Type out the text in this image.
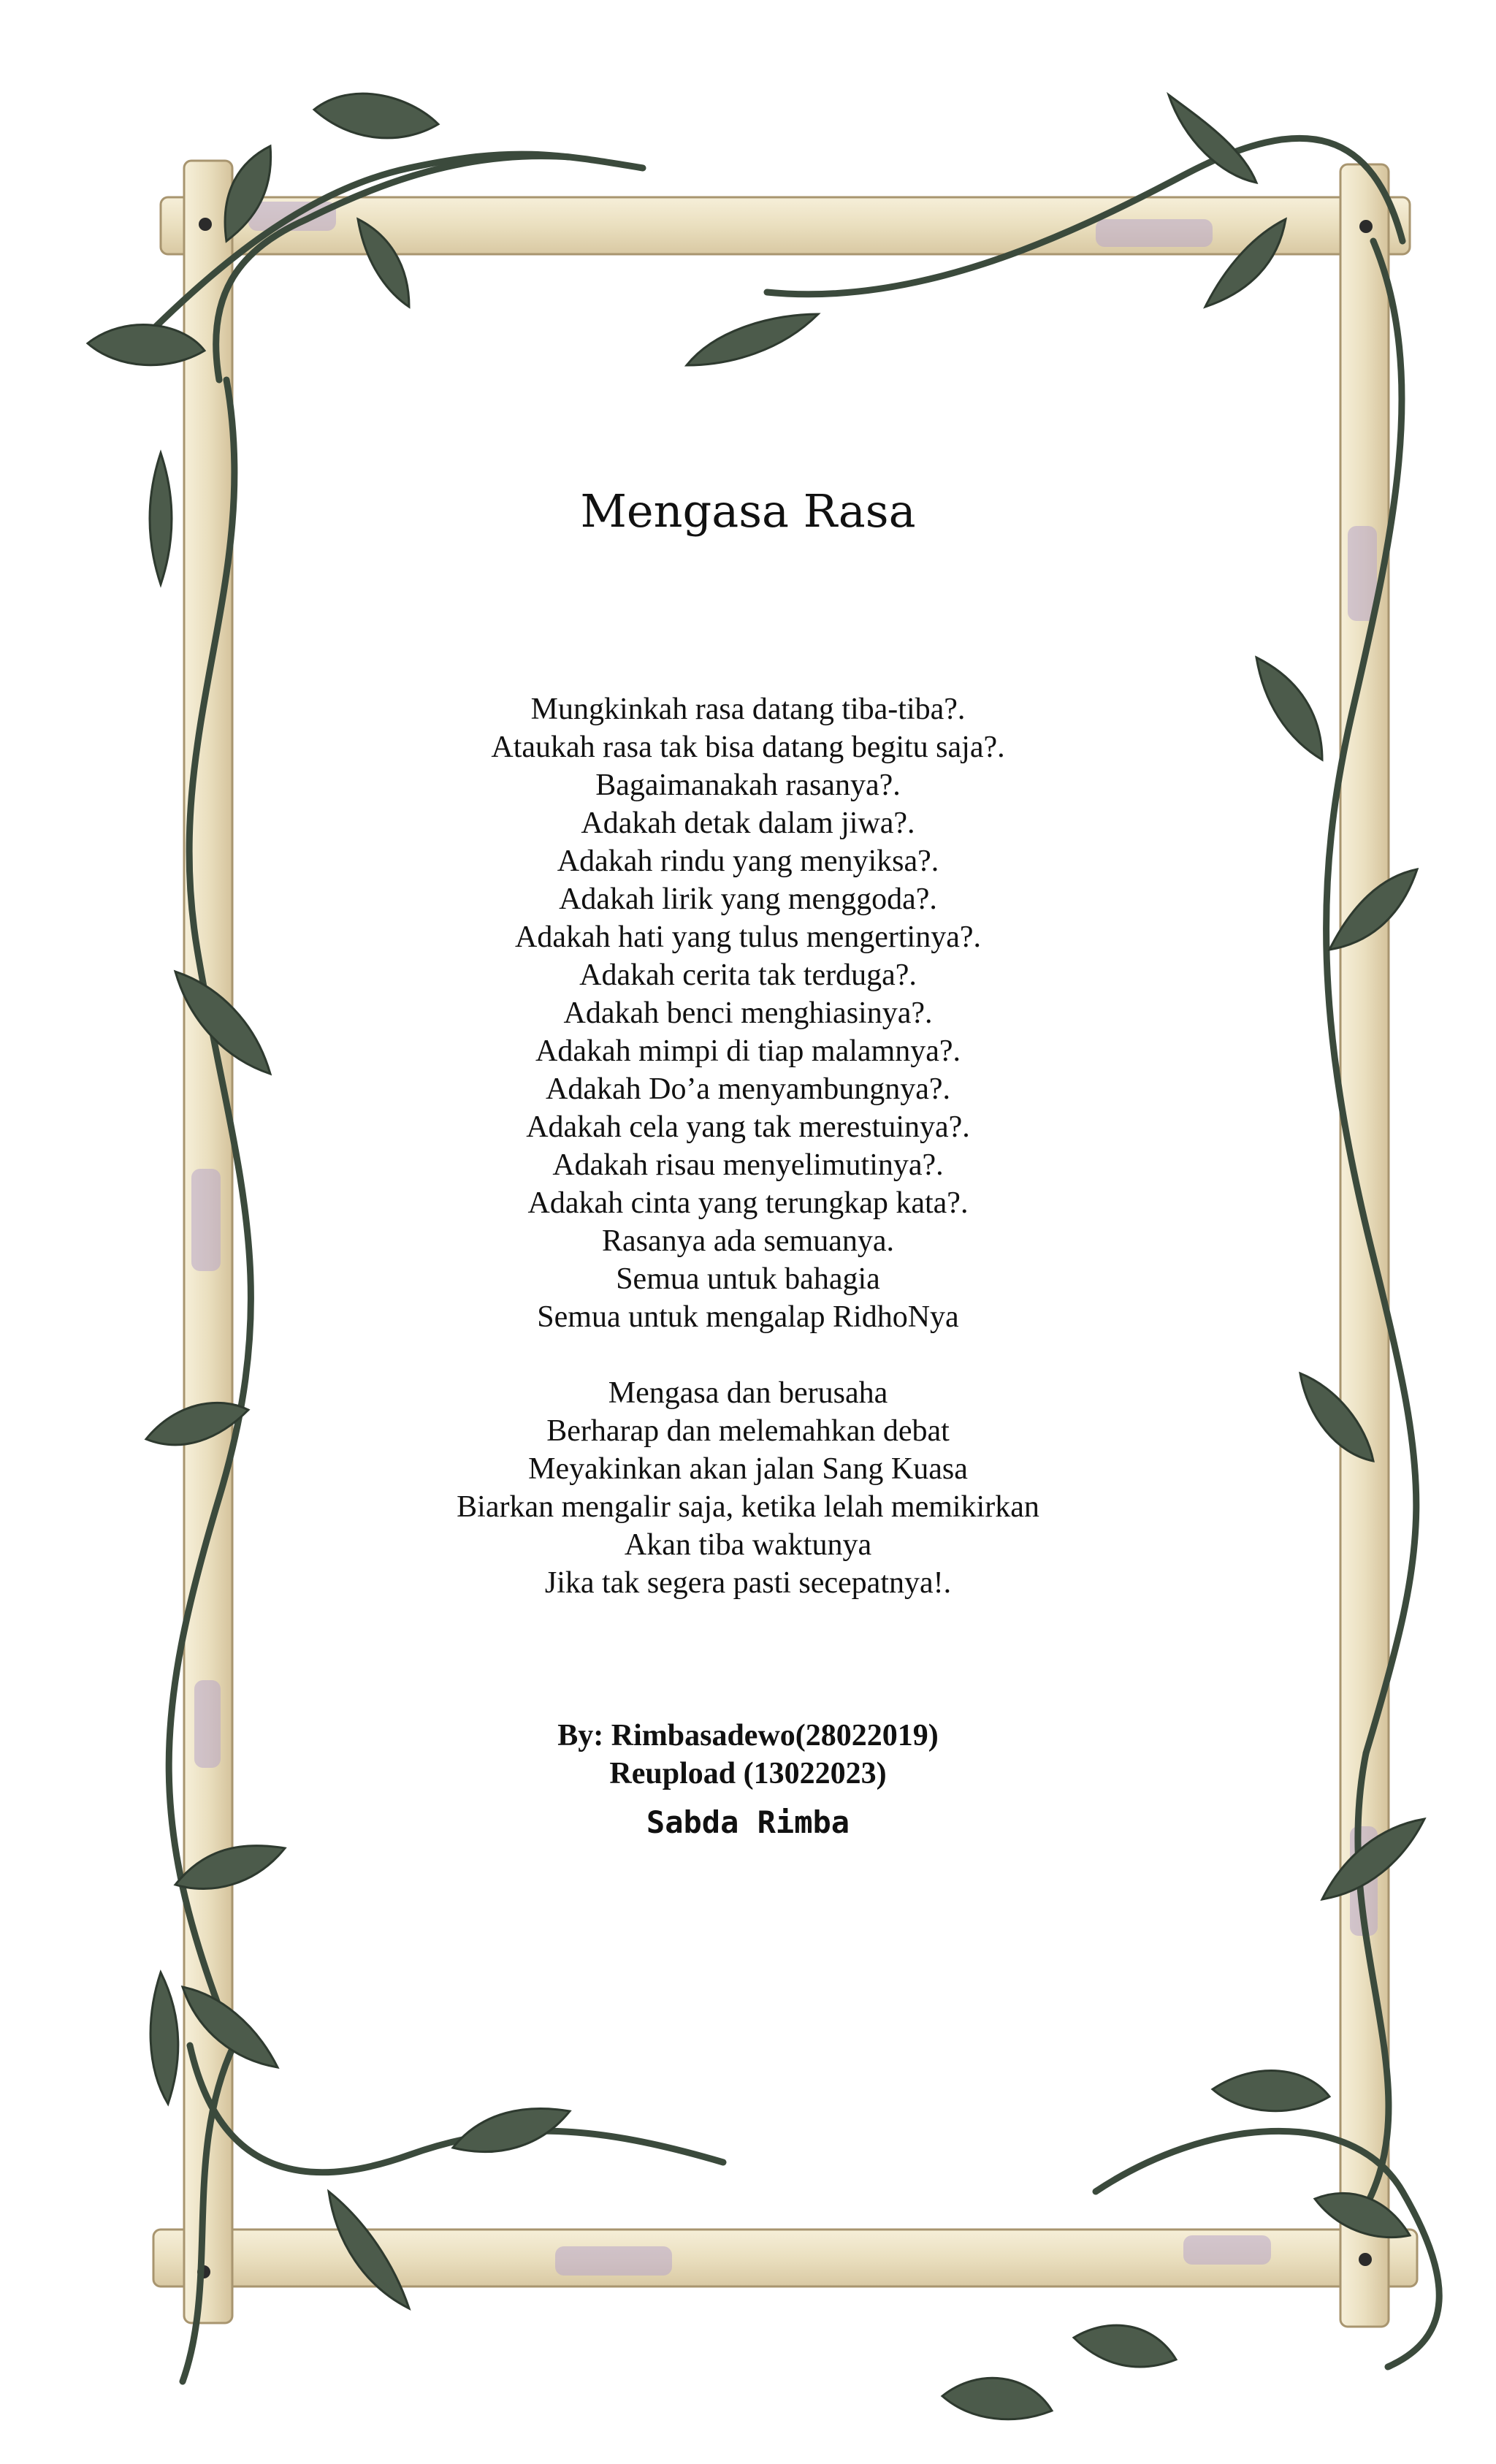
Mengasa Rasa
Mungkinkah rasa datang tiba-tiba?.
Ataukah rasa tak bisa datang begitu saja?.
Bagaimanakah rasanya?.
Adakah detak dalam jiwa?.
Adakah rindu yang menyiksa?.
Adakah lirik yang menggoda?.
Adakah hati yang tulus mengertinya?.
Adakah cerita tak terduga?.
Adakah benci menghiasinya?.
Adakah mimpi di tiap malamnya?.
Adakah Do’a menyambungnya?.
Adakah cela yang tak merestuinya?.
Adakah risau menyelimutinya?.
Adakah cinta yang terungkap kata?.
Rasanya ada semuanya.
Semua untuk bahagia
Semua untuk mengalap RidhoNya
Mengasa dan berusaha
Berharap dan melemahkan debat
Meyakinkan akan jalan Sang Kuasa
Biarkan mengalir saja, ketika lelah memikirkan
Akan tiba waktunya
Jika tak segera pasti secepatnya!.
By: Rimbasadewo(28022019)
Reupload (13022023)
Sabda Rimba
